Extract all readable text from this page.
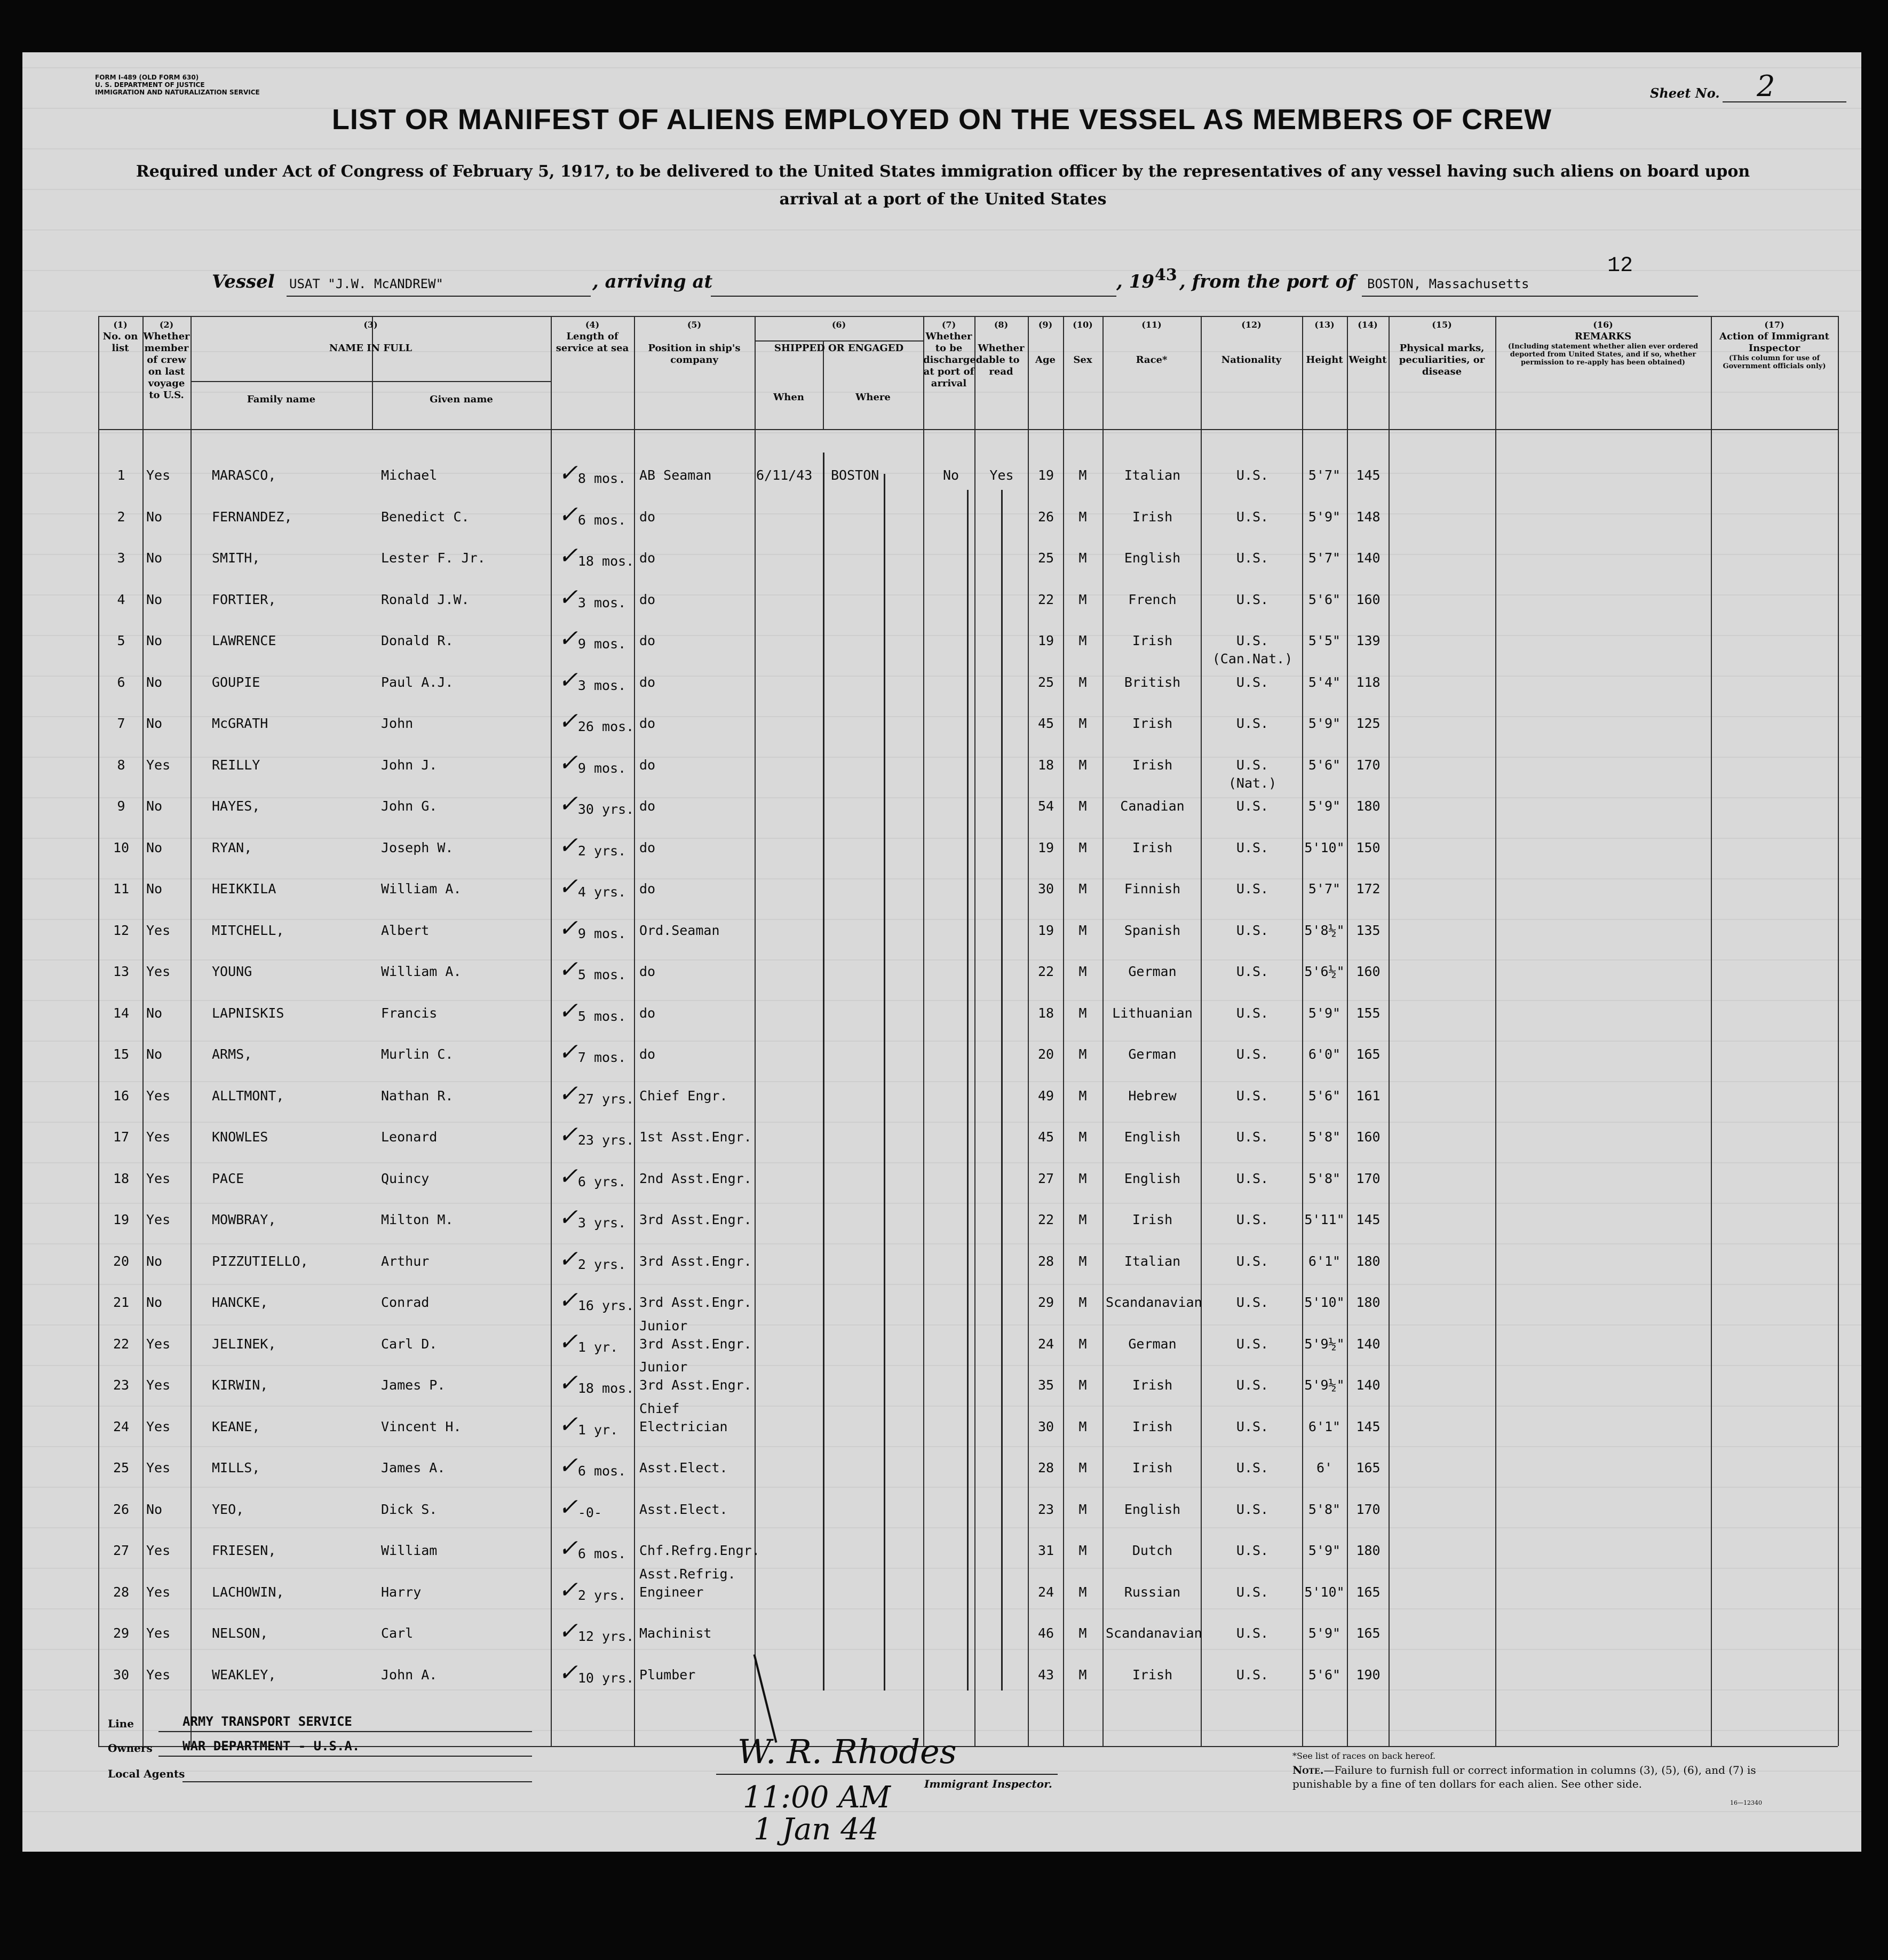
FORM I-489 (OLD FORM 630)
U. S. DEPARTMENT OF JUSTICE
IMMIGRATION AND NATURALIZATION SERVICE	Sheet No. 2
LIST OR MANIFEST OF ALIENS EMPLOYED ON THE VESSEL AS MEMBERS OF CREW
Required under Act of Congress of February 5, 1917, to be delivered to the United States immigration officer by the representatives of any vessel having such aliens on board upon arrival at a port of the United States
Vessel USAT "J.W. McANDREW"	, arriving at	, 19 43 , from the port of BOSTON, Massachusetts
12
(1)
No. on list
(2)
Whether member of crew on last voyage to U.S.
(3)

NAME IN FULL
Family name	Given name
(4)
Length of service at sea
(5)

Position in ship's company
(6)

SHIPPED OR ENGAGED
When	Where
(7)
Whether to be discharged at port of arrival
(8)

Whether able to read
(9)

Age
(10)

Sex
(11)

Race*
(12)

Nationality
(13)

Height
(14)

Weight
(15)

Physical marks, peculiarities, or disease
(16)
REMARKS

(Including statement whether alien ever ordered deported from United States, and if so, whether permission to re-apply has been obtained)
(17)
Action of Immigrant Inspector

(This column for use of Government officials only)
1	Yes	MARASCO,	Michael	✓8 mos. AB Seaman	6/11/43	BOSTON	No	Yes	19	M	Italian	U.S.	5'7"	145
2	No	FERNANDEZ,	Benedict C.	✓6 mos. do	26	M	Irish	U.S.	5'9"	148
3	No	SMITH,	Lester F. Jr.	✓18 mos. do	25	M	English	U.S.	5'7"	140
4	No	FORTIER,	Ronald J.W.	✓3 mos. do	22	M	French	U.S.	5'6"	160
5	No	LAWRENCE	Donald R.	✓9 mos. do	19	M	Irish	U.S.	5'5"	139
(Can.Nat.)
6	No	GOUPIE	Paul A.J.	✓3 mos. do	25	M	British	U.S.	5'4"	118
7	No	McGRATH	John	✓26 mos. do	45	M	Irish	U.S.	5'9"	125
8	Yes	REILLY	John J.	✓9 mos. do	18	M	Irish	U.S.	5'6"	170
(Nat.)
9	No	HAYES,	John G.	✓30 yrs. do	54	M	Canadian	U.S.	5'9"	180
10	No	RYAN,	Joseph W.	✓2 yrs. do	19	M	Irish	U.S.	5'10" 150
11	No	HEIKKILA	William A.	✓4 yrs. do	30	M	Finnish	U.S.	5'7"	172
12	Yes	MITCHELL,	Albert	✓9 mos. Ord.Seaman	19	M	Spanish	U.S.	5'8½" 135
13	Yes	YOUNG	William A.	✓5 mos. do	22	M	German	U.S.	5'6½" 160
14	No	LAPNISKIS	Francis	✓5 mos. do	18	M	Lithuanian	U.S.	5'9"	155
15	No	ARMS,	Murlin C.	✓7 mos. do	20	M	German	U.S.	6'0"	165
16	Yes	ALLTMONT,	Nathan R.	✓27 yrs. Chief Engr.	49	M	Hebrew	U.S.	5'6"	161
17	Yes	KNOWLES	Leonard	✓23 yrs. 1st Asst.Engr.	45	M	English	U.S.	5'8"	160
18	Yes	PACE	Quincy	✓6 yrs. 2nd Asst.Engr.	27	M	English	U.S.	5'8"	170
19	Yes	MOWBRAY,	Milton M.	✓3 yrs. 3rd Asst.Engr.	22	M	Irish	U.S.	5'11" 145
20	No	PIZZUTIELLO,	Arthur	✓2 yrs. 3rd Asst.Engr.	28	M	Italian	U.S.	6'1"	180
21	No	HANCKE,	Conrad	✓16 yrs. 3rd Asst.Engr.	29	M	Scandanavian	U.S.	5'10" 180
22	Yes	JELINEK,	Carl D.	✓1 yr.	3rd Asst.Engr.	24	M	German	U.S.	5'9½" 140
Junior
23	Yes	KIRWIN,	James P.	✓18 mos. 3rd Asst.Engr.	35	M	Irish	U.S.	5'9½" 140
Junior
24	Yes	KEANE,	Vincent H.	✓1 yr.	Electrician	30	M	Irish	U.S.	6'1"	145
Chief
25	Yes	MILLS,	James A.	✓6 mos. Asst.Elect.	28	M	Irish	U.S.	6'	165
26	No	YEO,	Dick S.	✓-0-	Asst.Elect.	23	M	English	U.S.	5'8"	170
27	Yes	FRIESEN,	William	✓6 mos. Chf.Refrg.Engr.	31	M	Dutch	U.S.	5'9"	180
28	Yes	LACHOWIN,	Harry	✓2 yrs. Engineer	24	M	Russian	U.S.	5'10" 165
Asst.Refrig.
29	Yes	NELSON,	Carl	✓12 yrs. Machinist	46	M	Scandanavian	U.S.	5'9"	165
30	Yes	WEAKLEY,	John A.	✓10 yrs. Plumber	43	M	Irish	U.S.	5'6"	190
Line	ARMY TRANSPORT SERVICE
Owners WAR DEPARTMENT - U.S.A.
Local Agents
W. R. Rhodes
Immigrant Inspector.
11:00 AM
1 Jan 44
*See list of races on back hereof.
Note.—Failure to furnish full or correct information in columns (3), (5), (6), and (7) is punishable by a fine of ten dollars for each alien. See other side.
16—12340
